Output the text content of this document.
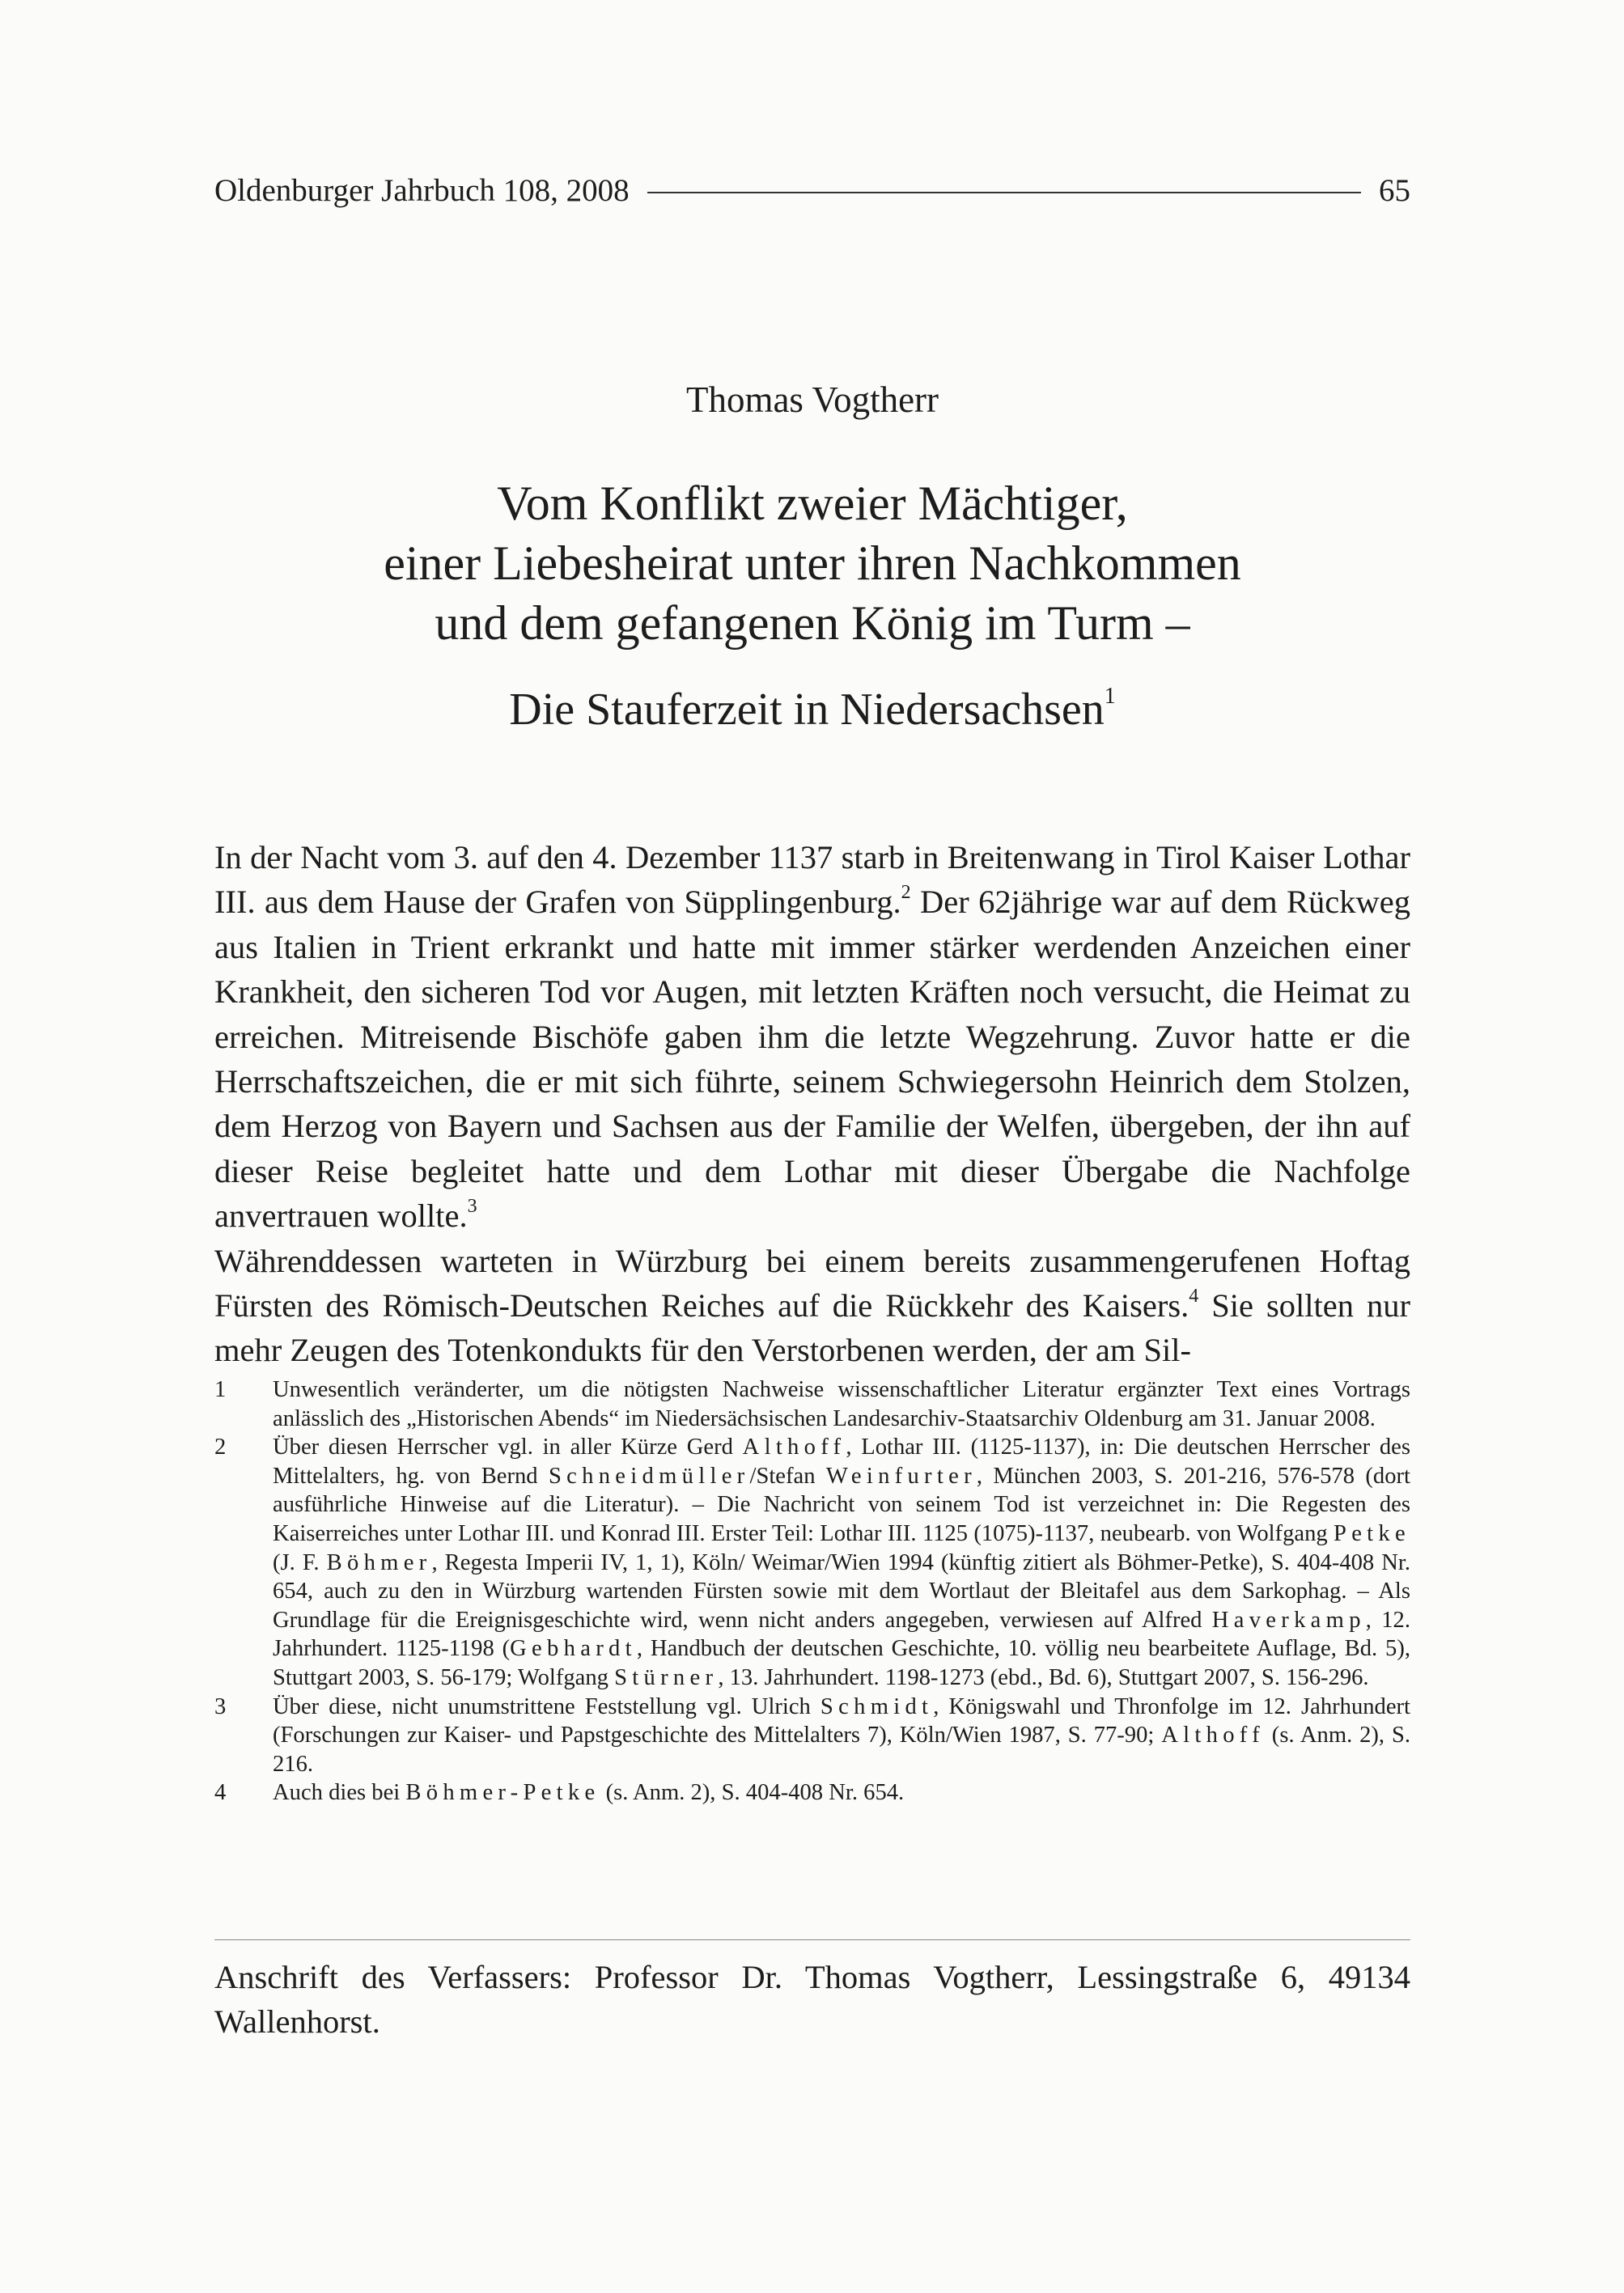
Oldenburger Jahrbuch 108, 2008	65
Thomas Vogtherr
Vom Konflikt zweier Mächtiger,
einer Liebesheirat unter ihren Nachkommen
und dem gefangenen König im Turm –
Die Stauferzeit in Niedersachsen$^1$

In der Nacht vom 3. auf den 4. Dezember 1137 starb in Breitenwang in Tirol Kaiser Lothar III. aus dem Hause der Grafen von Süpplingenburg.$^2$ Der 62jährige war auf dem Rückweg aus Italien in Trient erkrankt und hatte mit immer stärker werdenden Anzeichen einer Krankheit, den sicheren Tod vor Augen, mit letzten Kräften noch versucht, die Heimat zu erreichen. Mitreisende Bischöfe gaben ihm die letzte Wegzehrung. Zuvor hatte er die Herrschaftszeichen, die er mit sich führte, seinem Schwiegersohn Heinrich dem Stolzen, dem Herzog von Bayern und Sachsen aus der Familie der Welfen, übergeben, der ihn auf dieser Reise begleitet hatte und dem Lothar mit dieser Übergabe die Nachfolge anvertrauen wollte.$^3$

Währenddessen warteten in Würzburg bei einem bereits zusammengerufenen Hoftag Fürsten des Römisch-Deutschen Reiches auf die Rückkehr des Kaisers.$^4$ Sie sollten nur mehr Zeugen des Totenkondukts für den Verstorbenen werden, der am Sil-

1	Unwesentlich veränderter, um die nötigsten Nachweise wissenschaftlicher Literatur ergänzter Text eines Vortrags anlässlich des „Historischen Abends“ im Niedersächsischen Landesarchiv-Staatsarchiv Oldenburg am 31. Januar 2008.
2	Über diesen Herrscher vgl. in aller Kürze Gerd Althoff, Lothar III. (1125-1137), in: Die deutschen Herrscher des Mittelalters, hg. von Bernd Schneidmüller/Stefan Weinfurter, München 2003, S. 201-216, 576-578 (dort ausführliche Hinweise auf die Literatur). – Die Nachricht von seinem Tod ist verzeichnet in: Die Regesten des Kaiserreiches unter Lothar III. und Konrad III. Erster Teil: Lothar III. 1125 (1075)-1137, neubearb. von Wolfgang Petke (J. F. Böhmer, Regesta Imperii IV, 1, 1), Köln/ Weimar/Wien 1994 (künftig zitiert als Böhmer-Petke), S. 404-408 Nr. 654, auch zu den in Würzburg wartenden Fürsten sowie mit dem Wortlaut der Bleitafel aus dem Sarkophag. – Als Grundlage für die Ereignisgeschichte wird, wenn nicht anders angegeben, verwiesen auf Alfred Haverkamp, 12. Jahrhundert. 1125-1198 (Gebhardt, Handbuch der deutschen Geschichte, 10. völlig neu bearbeitete Auflage, Bd. 5), Stuttgart 2003, S. 56-179; Wolfgang Stürner, 13. Jahrhundert. 1198-1273 (ebd., Bd. 6), Stuttgart 2007, S. 156-296.
3	Über diese, nicht unumstrittene Feststellung vgl. Ulrich Schmidt, Königswahl und Thronfolge im 12. Jahrhundert (Forschungen zur Kaiser- und Papstgeschichte des Mittelalters 7), Köln/Wien 1987, S. 77-90; Althoff (s. Anm. 2), S. 216.
4	Auch dies bei Böhmer-Petke (s. Anm. 2), S. 404-408 Nr. 654.
Anschrift des Verfassers: Professor Dr. Thomas Vogtherr, Lessingstraße 6, 49134 Wallenhorst.
